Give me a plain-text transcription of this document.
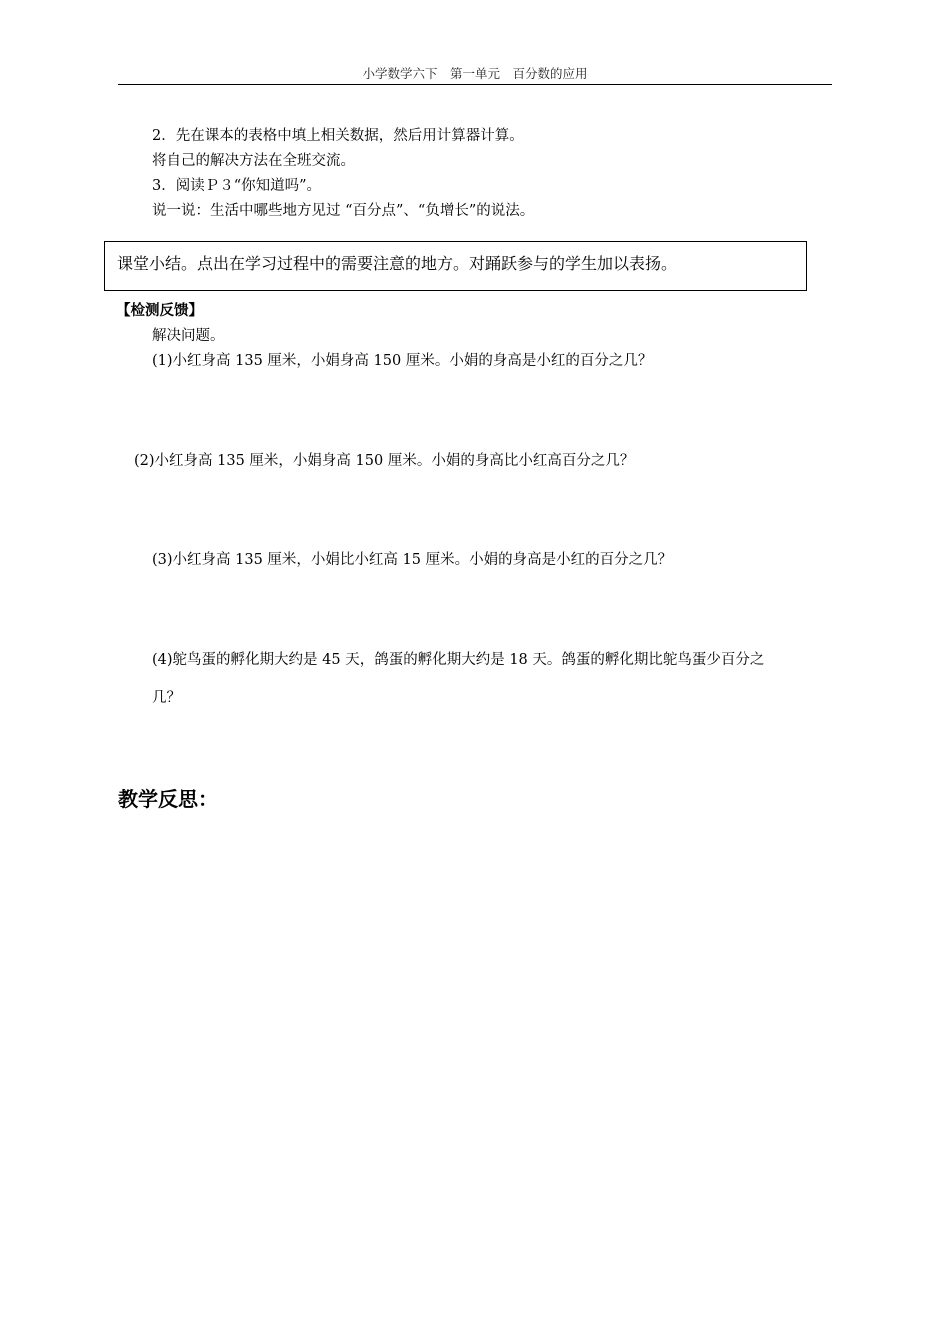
小学数学六下　第一单元　百分数的应用
2．先在课本的表格中填上相关数据，然后用计算器计算。
将自己的解决方法在全班交流。
3．阅读Ｐ３“你知道吗”。
说一说：生活中哪些地方见过 “百分点”、“负增长”的说法。
课堂小结。点出在学习过程中的需要注意的地方。对踊跃参与的学生加以表扬。
【检测反馈】
解决问题。
(1)小红身高 135 厘米，小娟身高 150 厘米。小娟的身高是小红的百分之几？
(2)小红身高 135 厘米，小娟身高 150 厘米。小娟的身高比小红高百分之几？
(3)小红身高 135 厘米，小娟比小红高 15 厘米。小娟的身高是小红的百分之几？
(4)鸵鸟蛋的孵化期大约是 45 天，鸽蛋的孵化期大约是 18 天。鸽蛋的孵化期比鸵鸟蛋少百分之
几？
教学反思：
